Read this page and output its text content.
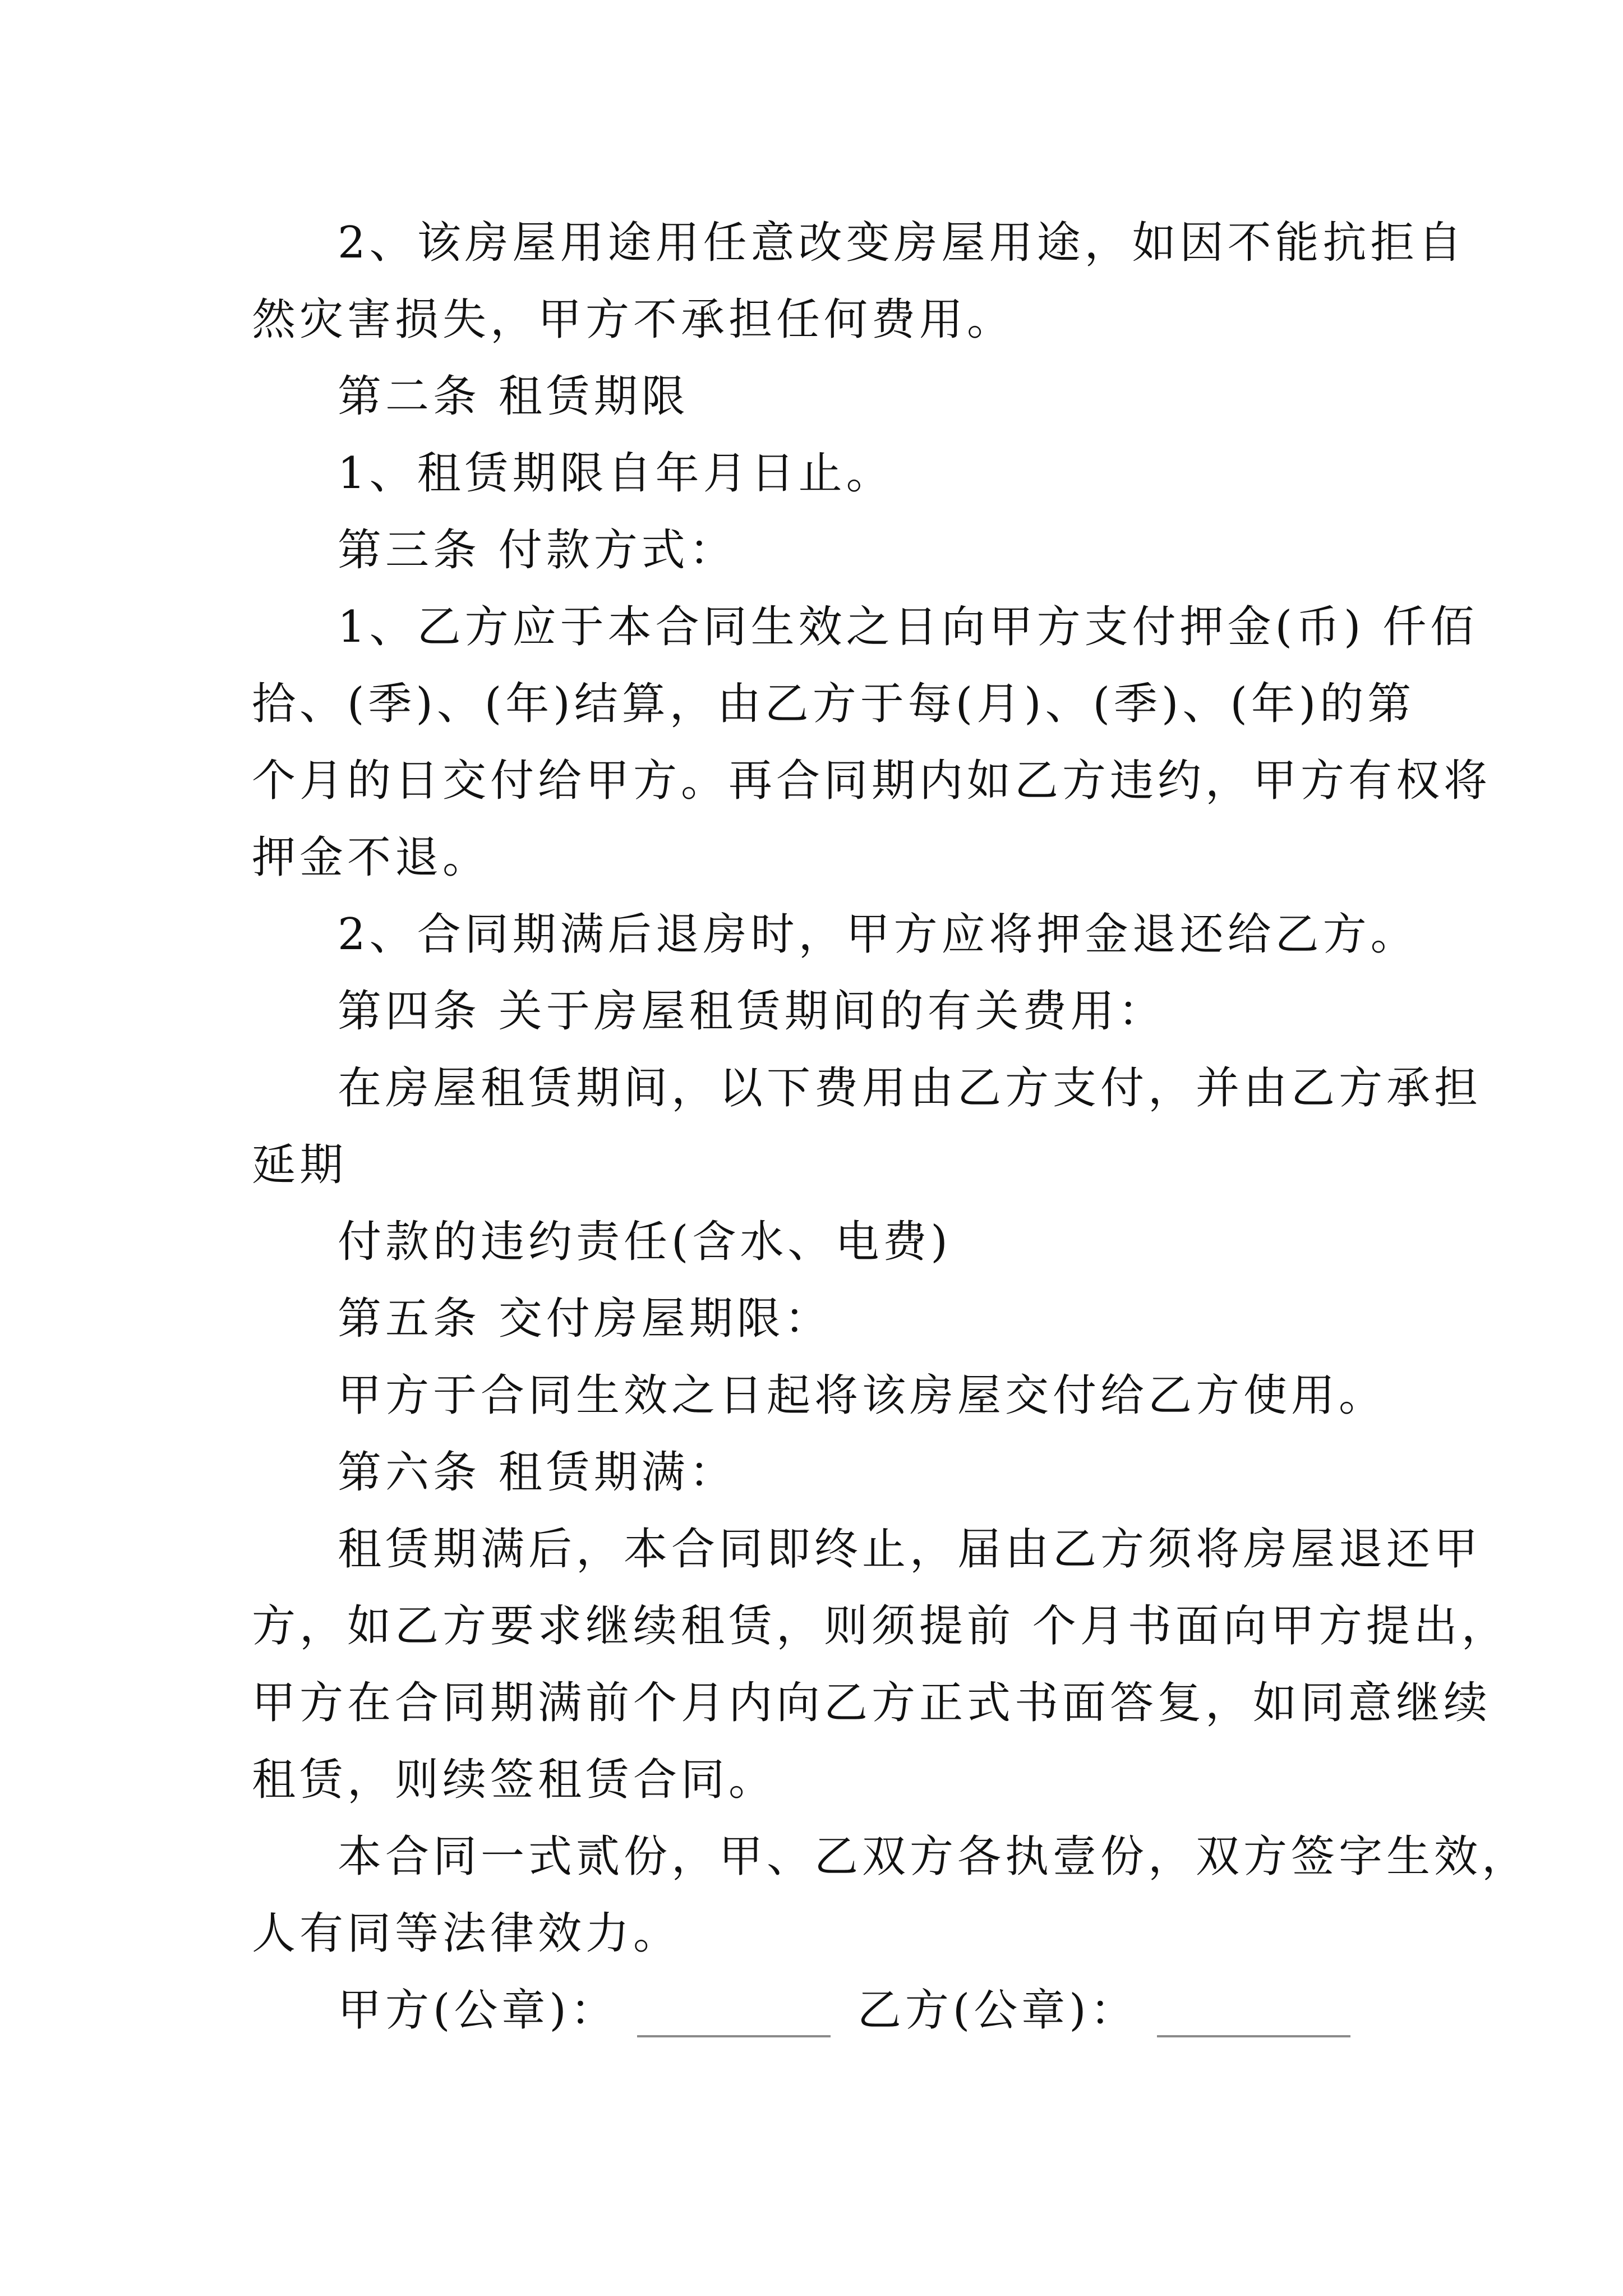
2、该房屋用途用任意改变房屋用途，如因不能抗拒自
然灾害损失，甲方不承担任何费用。
第二条 租赁期限
1、租赁期限自年月日止。
第三条 付款方式：
1、乙方应于本合同生效之日向甲方支付押金(币) 仟佰
拾、(季)、(年)结算，由乙方于每(月)、(季)、(年)的第
个月的日交付给甲方。再合同期内如乙方违约，甲方有权将
押金不退。
2、合同期满后退房时，甲方应将押金退还给乙方。
第四条 关于房屋租赁期间的有关费用：
在房屋租赁期间，以下费用由乙方支付，并由乙方承担
延期
付款的违约责任(含水、电费)
第五条 交付房屋期限：
甲方于合同生效之日起将该房屋交付给乙方使用。
第六条 租赁期满：
租赁期满后，本合同即终止，届由乙方须将房屋退还甲
方，如乙方要求继续租赁，则须提前 个月书面向甲方提出，
甲方在合同期满前个月内向乙方正式书面答复，如同意继续
租赁，则续签租赁合同。
本合同一式贰份，甲、乙双方各执壹份，双方签字生效，
人有同等法律效力。
甲方(公章)：	乙方(公章)：
